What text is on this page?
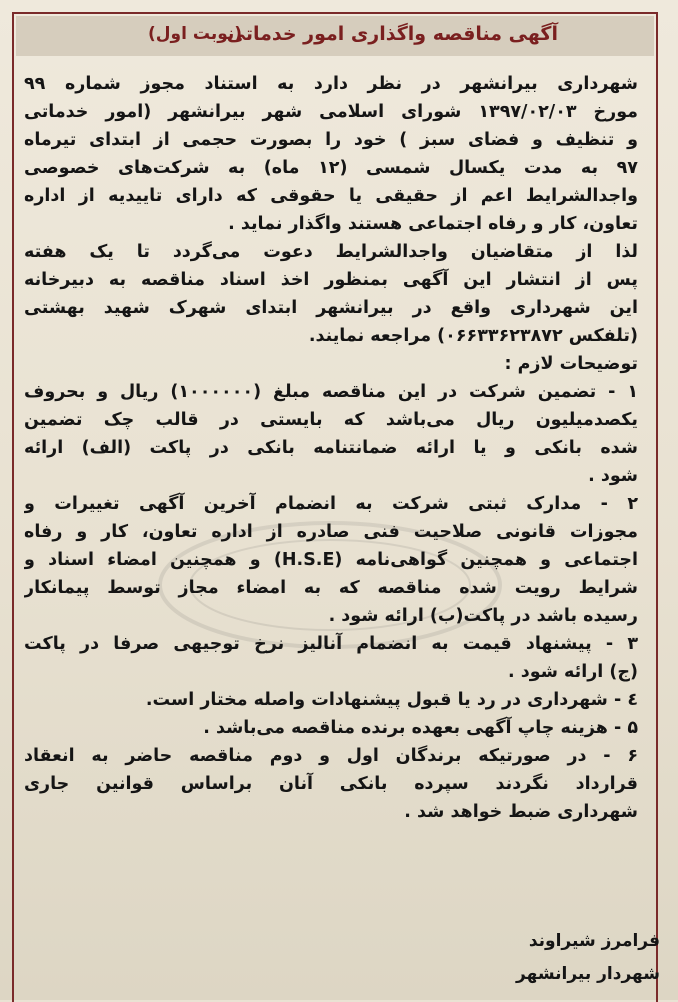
آگهی مناقصه واگذاری امور خدماتی
(نوبت اول)
شهرداری بیرانشهر در نظر دارد به استناد مجوز شماره ۹۹
مورخ ۱۳۹۷/۰۲/۰۳ شورای اسلامی شهر بیرانشهر (امور خدماتی
و تنظیف و فضای سبز ) خود را بصورت حجمی از ابتدای تیرماه
۹۷ به مدت یکسال شمسی (۱۲ ماه) به شرکت‌های خصوصی
واجدالشرایط اعم از حقیقی یا حقوقی که دارای تاییدیه از اداره
تعاون، کار و رفاه اجتماعی هستند واگذار نماید .
لذا از متقاضیان واجدالشرایط دعوت می‌گردد تا یک هفته
پس از انتشار این آگهی بمنظور اخذ اسناد مناقصه به دبیرخانه
این شهرداری واقع در بیرانشهر ابتدای شهرک شهید بهشتی
(تلفکس ۰۶۶۳۳۶۲۳۸۷۲) مراجعه نمایند.
توضیحات لازم :
۱ - تضمین شرکت در این مناقصه مبلغ (۱۰۰۰۰۰۰) ریال و بحروف
یکصدمیلیون ریال می‌باشد که بایستی در قالب چک تضمین
شده بانکی و یا ارائه ضمانتنامه بانکی در پاکت (الف) ارائه
شود .
۲ - مدارک ثبتی شرکت به انضمام آخرین آگهی تغییرات و
مجوزات قانونی صلاحیت فنی صادره از اداره تعاون، کار و رفاه
اجتماعی و همچنین گواهی‌نامه (H.S.E) و همچنین امضاء اسناد و
شرایط رویت شده مناقصه که به امضاء مجاز توسط پیمانکار
رسیده باشد در پاکت(ب) ارائه شود .
۳ - پیشنهاد قیمت به انضمام آنالیز نرخ توجیهی صرفا در پاکت
(ج) ارائه شود .
٤ - شهرداری در رد یا قبول پیشنهادات واصله مختار است.
۵ - هزینه چاپ آگهی بعهده برنده مناقصه می‌باشد .
۶ - در صورتیکه برندگان اول و دوم مناقصه حاضر به انعقاد
قرارداد نگردند سپرده بانکی آنان براساس قوانین جاری
شهرداری ضبط خواهد شد .
فرامرز شیراوند
شهردار بیرانشهر
